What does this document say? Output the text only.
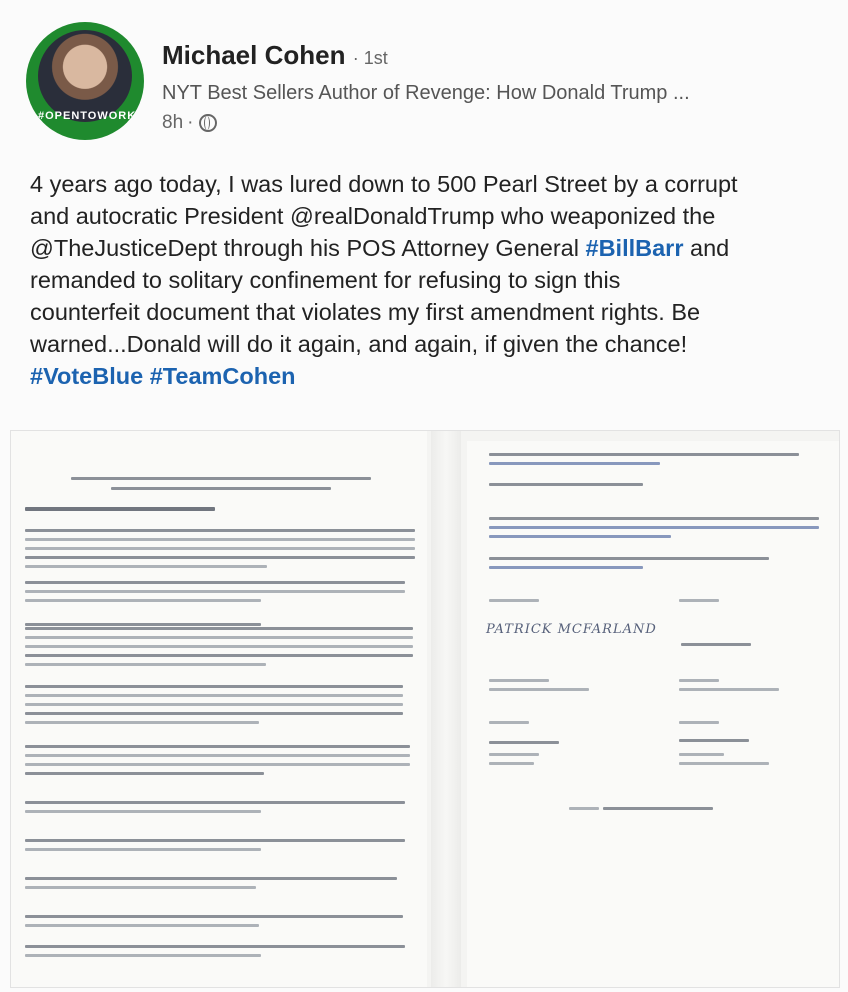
#OPENTOWORK
Michael Cohen · 1st
NYT Best Sellers Author of Revenge: How Donald Trump ...
8h ·
4 years ago today, I was lured down to 500 Pearl Street by a corrupt
and autocratic President @realDonaldTrump who weaponized the
@TheJusticeDept through his POS Attorney General #BillBarr and
remanded to solitary confinement for refusing to sign this
counterfeit document that violates my first amendment rights. Be
warned...Donald will do it again, and again, if given the chance!
#VoteBlue #TeamCohen
PATRICK MCFARLAND
